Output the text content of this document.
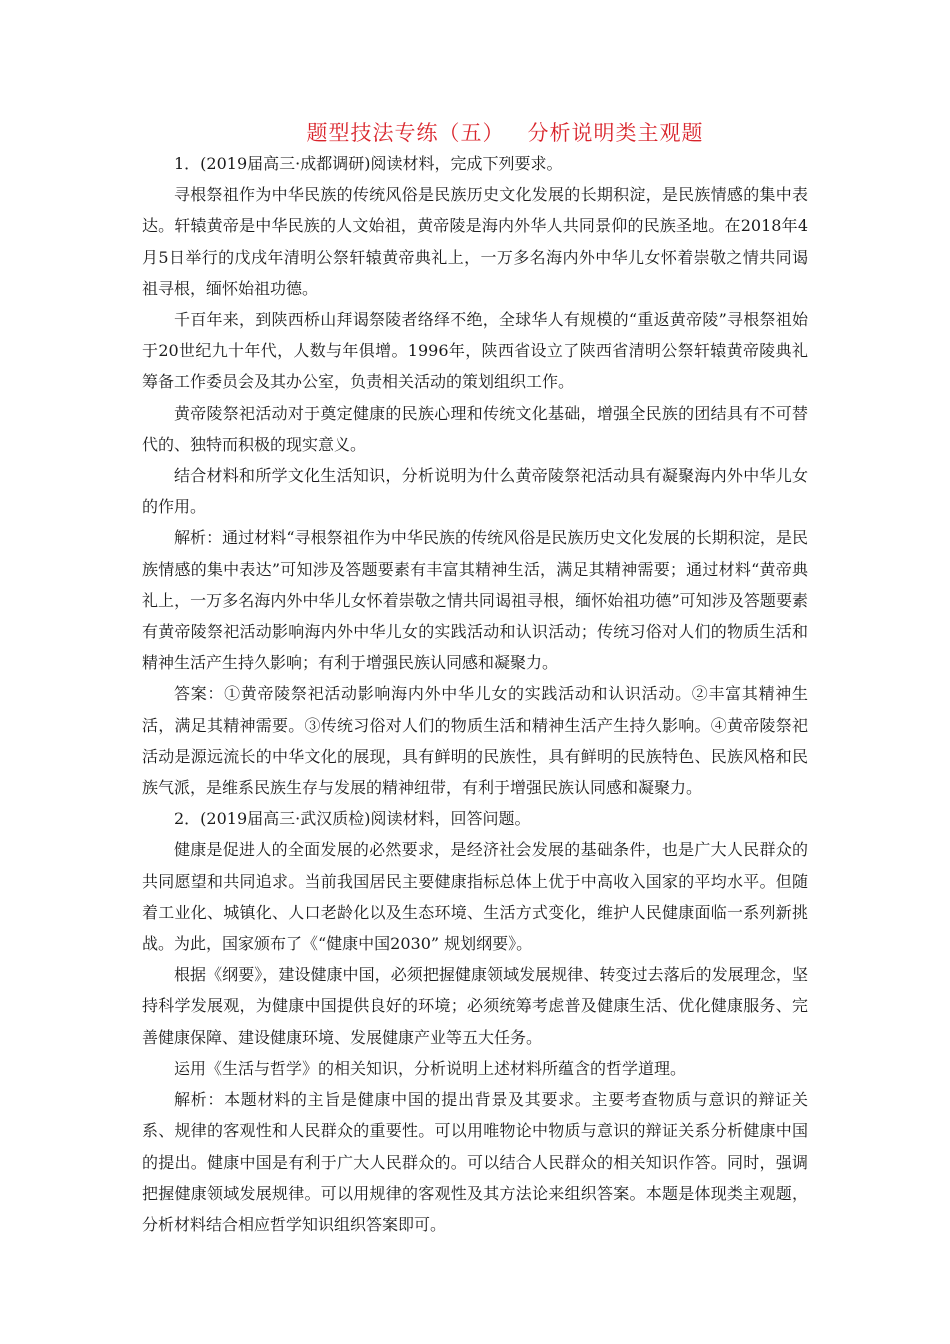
题型技法专练（五）   分析说明类主观题

1．(2019届高三·成都调研)阅读材料，完成下列要求。

寻根祭祖作为中华民族的传统风俗是民族历史文化发展的长期积淀，是民族情感的集中表达。轩辕黄帝是中华民族的人文始祖，黄帝陵是海内外华人共同景仰的民族圣地。在2018年4月5日举行的戊戌年清明公祭轩辕黄帝典礼上，一万多名海内外中华儿女怀着崇敬之情共同谒祖寻根，缅怀始祖功德。

千百年来，到陕西桥山拜谒祭陵者络绎不绝，全球华人有规模的“重返黄帝陵”寻根祭祖始于20世纪九十年代，人数与年俱增。1996年，陕西省设立了陕西省清明公祭轩辕黄帝陵典礼筹备工作委员会及其办公室，负责相关活动的策划组织工作。

黄帝陵祭祀活动对于奠定健康的民族心理和传统文化基础，增强全民族的团结具有不可替代的、独特而积极的现实意义。

结合材料和所学文化生活知识，分析说明为什么黄帝陵祭祀活动具有凝聚海内外中华儿女的作用。

解析：通过材料“寻根祭祖作为中华民族的传统风俗是民族历史文化发展的长期积淀，是民族情感的集中表达”可知涉及答题要素有丰富其精神生活，满足其精神需要；通过材料“黄帝典礼上，一万多名海内外中华儿女怀着崇敬之情共同谒祖寻根，缅怀始祖功德”可知涉及答题要素有黄帝陵祭祀活动影响海内外中华儿女的实践活动和认识活动；传统习俗对人们的物质生活和精神生活产生持久影响；有利于增强民族认同感和凝聚力。

答案：①黄帝陵祭祀活动影响海内外中华儿女的实践活动和认识活动。②丰富其精神生活，满足其精神需要。③传统习俗对人们的物质生活和精神生活产生持久影响。④黄帝陵祭祀活动是源远流长的中华文化的展现，具有鲜明的民族性，具有鲜明的民族特色、民族风格和民族气派，是维系民族生存与发展的精神纽带，有利于增强民族认同感和凝聚力。

2．(2019届高三·武汉质检)阅读材料，回答问题。

健康是促进人的全面发展的必然要求，是经济社会发展的基础条件，也是广大人民群众的共同愿望和共同追求。当前我国居民主要健康指标总体上优于中高收入国家的平均水平。但随着工业化、城镇化、人口老龄化以及生态环境、生活方式变化，维护人民健康面临一系列新挑战。为此，国家颁布了《“健康中国2030” 规划纲要》。

根据《纲要》，建设健康中国，必须把握健康领域发展规律、转变过去落后的发展理念，坚持科学发展观，为健康中国提供良好的环境；必须统筹考虑普及健康生活、优化健康服务、完善健康保障、建设健康环境、发展健康产业等五大任务。

运用《生活与哲学》的相关知识，分析说明上述材料所蕴含的哲学道理。

解析：本题材料的主旨是健康中国的提出背景及其要求。主要考查物质与意识的辩证关系、规律的客观性和人民群众的重要性。可以用唯物论中物质与意识的辩证关系分析健康中国的提出。健康中国是有利于广大人民群众的。可以结合人民群众的相关知识作答。同时，强调把握健康领域发展规律。可以用规律的客观性及其方法论来组织答案。本题是体现类主观题，分析材料结合相应哲学知识组织答案即可。
